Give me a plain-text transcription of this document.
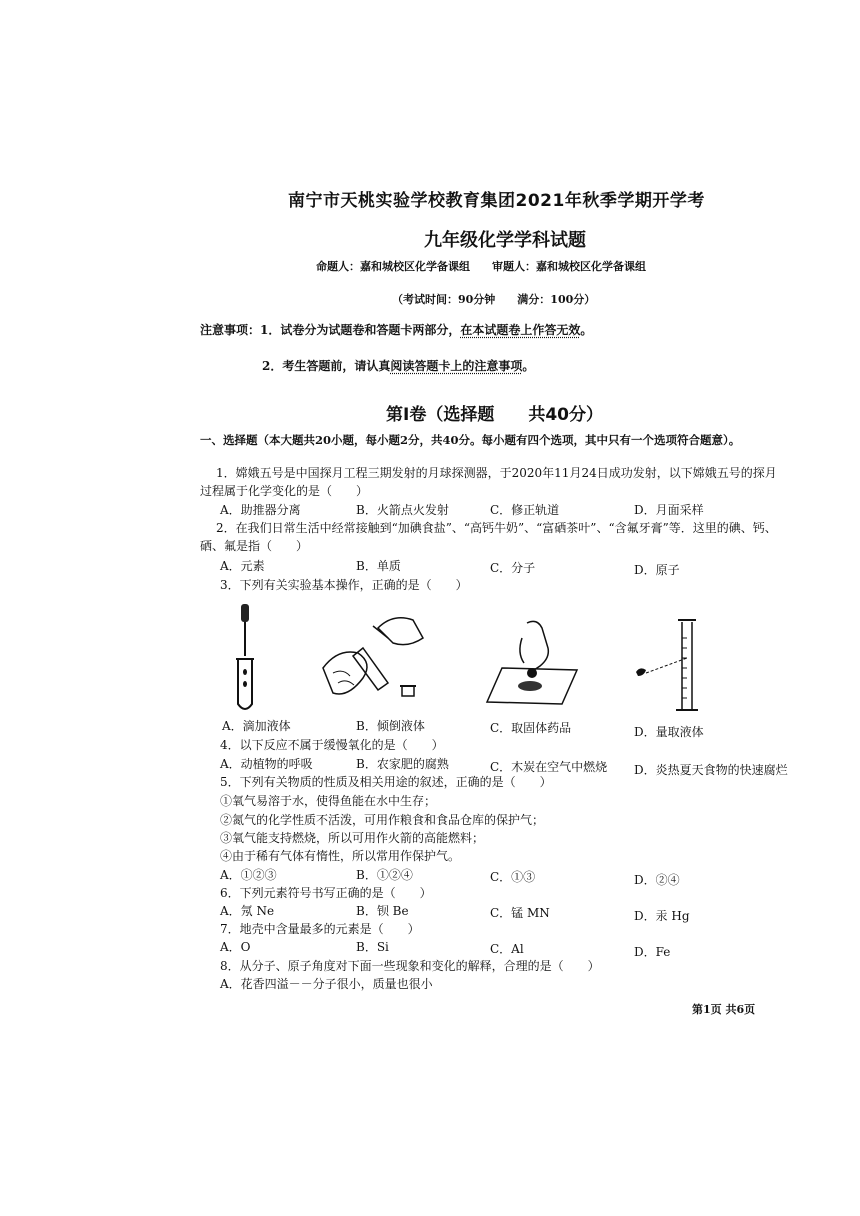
南宁市天桃实验学校教育集团2021年秋季学期开学考
九年级化学学科试题
命题人：嘉和城校区化学备课组　　审题人：嘉和城校区化学备课组
（考试时间：90分钟　　满分：100分）
注意事项：1．试卷分为试题卷和答题卡两部分，在本试题卷上作答无效。
2．考生答题前，请认真阅读答题卡上的注意事项。
第Ⅰ卷（选择题　　共40分）
一、选择题（本大题共20小题，每小题2分，共40分。每小题有四个选项，其中只有一个选项符合题意）。
1．嫦娥五号是中国探月工程三期发射的月球探测器，于2020年11月24日成功发射，以下嫦娥五号的探月
过程属于化学变化的是（　　）
A．助推器分离	B．火箭点火发射	C．修正轨道	D．月面采样
2．在我们日常生活中经常接触到“加碘食盐”、“高钙牛奶”、“富硒茶叶”、“含氟牙膏”等．这里的碘、钙、
硒、氟是指（　　）
A．元素	B．单质	C．分子	D．原子
3．下列有关实验基本操作，正确的是（　　）
A．滴加液体	B．倾倒液体	C．取固体药品	D．量取液体
4．以下反应不属于缓慢氧化的是（　　）
A．动植物的呼吸	B．农家肥的腐熟	C．木炭在空气中燃烧 D．炎热夏天食物的快速腐烂
5．下列有关物质的性质及相关用途的叙述，正确的是（　　）
①氧气易溶于水，使得鱼能在水中生存；
②氮气的化学性质不活泼，可用作粮食和食品仓库的保护气；
③氧气能支持燃烧，所以可用作火箭的高能燃料；
④由于稀有气体有惰性，所以常用作保护气。
A．①②③	B．①②④	C．①③	D．②④
6．下列元素符号书写正确的是（　　）
A．氖 Ne	B．钡 Be	C．锰 MN	D．汞 Hg
7．地壳中含量最多的元素是（　　）
A．O	B．Si	C．Al	D．Fe
8．从分子、原子角度对下面一些现象和变化的解释，合理的是（　　）
A．花香四溢－－分子很小，质量也很小
第1页 共6页
